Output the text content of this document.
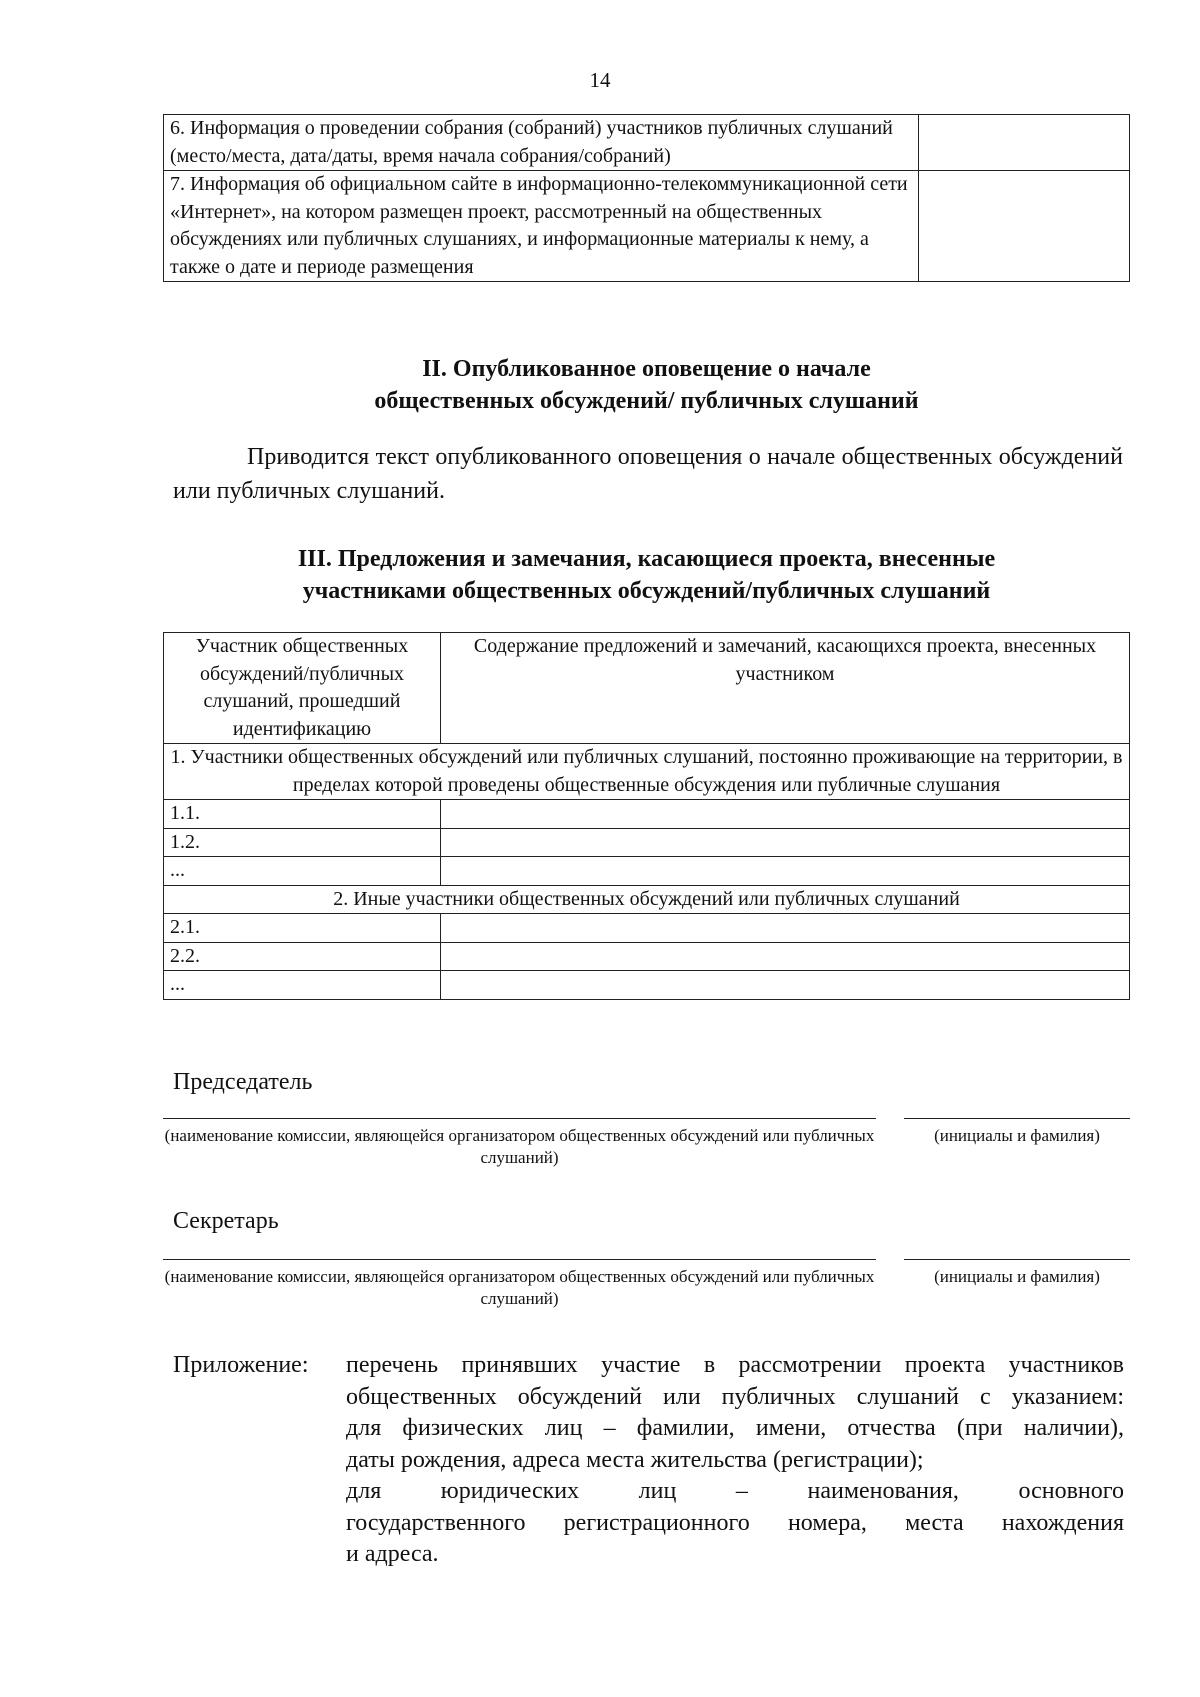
14
6. Информация о проведении собрания (собраний) участников публичных слушаний (место/места, дата/даты, время начала собрания/собраний)	
7. Информация об официальном сайте в информационно-телекоммуникационной сети «Интернет», на котором размещен проект, рассмотренный на общественных обсуждениях или публичных слушаниях, и информационные материалы к нему, а также о дате и периоде размещения	
II. Опубликованное оповещение о начале
общественных обсуждений/ публичных слушаний
Приводится текст опубликованного оповещения о начале общественных обсуждений или публичных слушаний.
III. Предложения и замечания, касающиеся проекта, внесенные
участниками общественных обсуждений/публичных слушаний
Участник общественных обсуждений/публичных слушаний, прошедший идентификацию	Содержание предложений и замечаний, касающихся проекта, внесенных участником
1. Участники общественных обсуждений или публичных слушаний, постоянно проживающие на территории, в пределах которой проведены общественные обсуждения или публичные слушания	
1.1.	
1.2.	
...	
2. Иные участники общественных обсуждений или публичных слушаний	
2.1.	
2.2.	
...	
Председатель
(наименование комиссии, являющейся организатором общественных обсуждений или публичных слушаний)
(инициалы и фамилия)
Секретарь
(наименование комиссии, являющейся организатором общественных обсуждений или публичных слушаний)
(инициалы и фамилия)
Приложение: перечень принявших участие в рассмотрении проекта участников
общественных обсуждений или публичных слушаний с указанием:
для физических лиц – фамилии, имени, отчества (при наличии),
даты рождения, адреса места жительства (регистрации);
для юридических лиц – наименования, основного
государственного регистрационного номера, места нахождения
и адреса.
